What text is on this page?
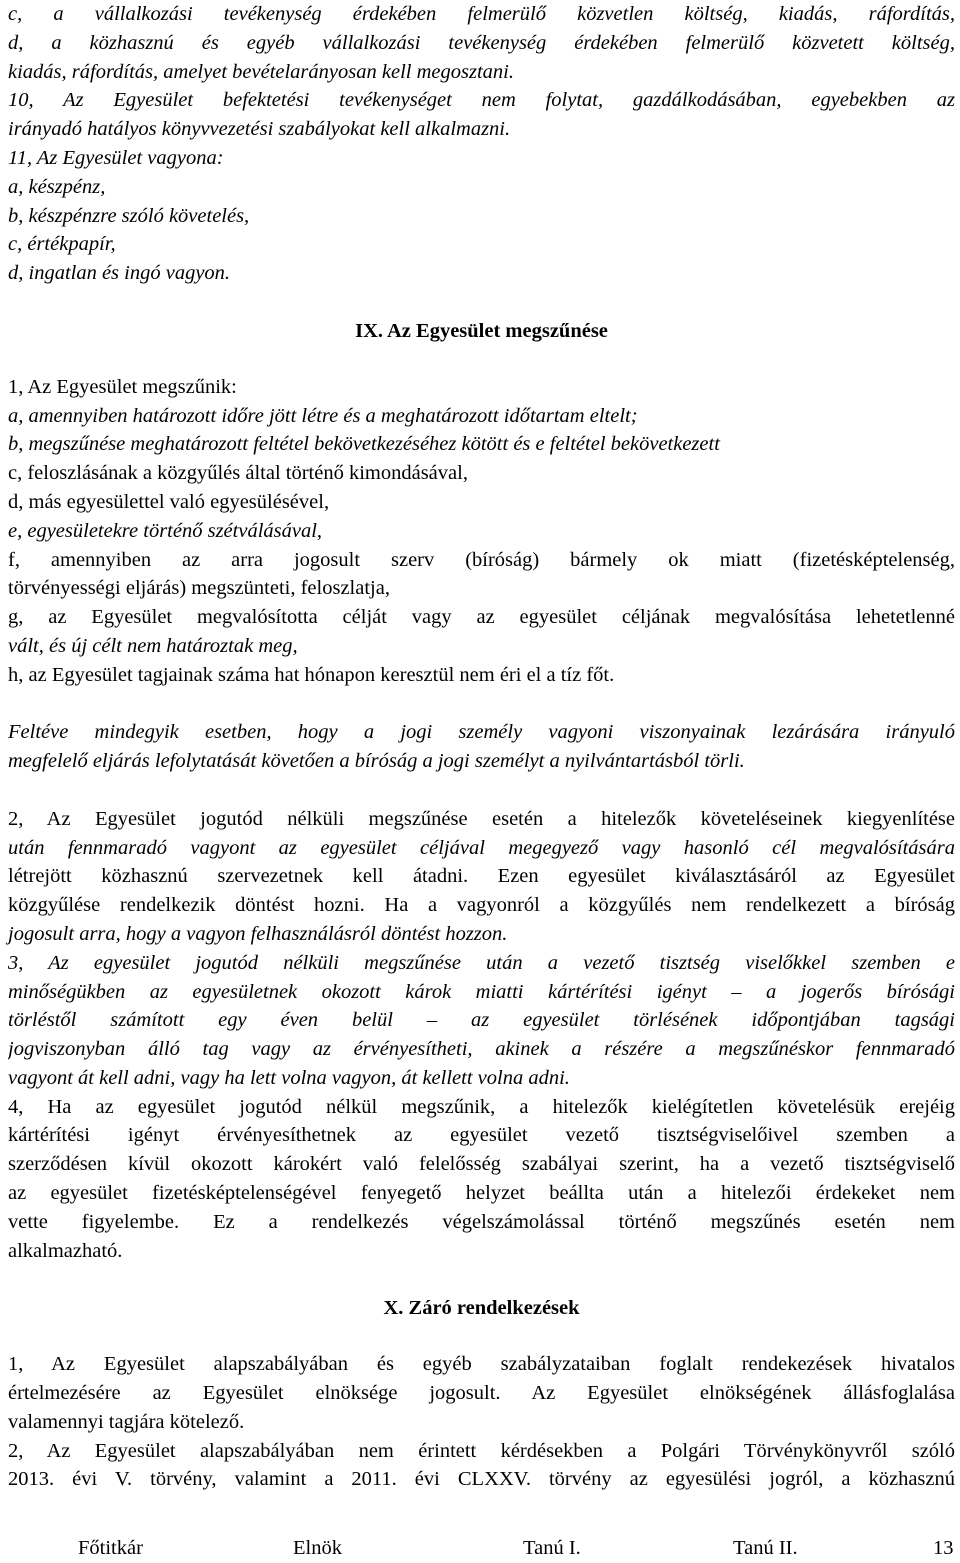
c, a vállalkozási tevékenység érdekében felmerülő közvetlen költség, kiadás, ráfordítás,
d, a közhasznú és egyéb vállalkozási tevékenység érdekében felmerülő közvetett költség,
kiadás, ráfordítás, amelyet bevételarányosan kell megosztani.
10, Az Egyesület befektetési tevékenységet nem folytat, gazdálkodásában, egyebekben az
irányadó hatályos könyvvezetési szabályokat kell alkalmazni.
11, Az Egyesület vagyona:
a, készpénz,
b, készpénzre szóló követelés,
c, értékpapír,
d, ingatlan és ingó vagyon.
IX. Az Egyesület megszűnése
1, Az Egyesület megszűnik:
a, amennyiben határozott időre jött létre és a meghatározott időtartam eltelt;
b, megszűnése meghatározott feltétel bekövetkezéséhez kötött és e feltétel bekövetkezett
c, feloszlásának a közgyűlés által történő kimondásával,
d, más egyesülettel való egyesülésével,
e, egyesületekre történő szétválásával,
f, amennyiben az arra jogosult szerv (bíróság) bármely ok miatt (fizetésképtelenség,
törvényességi eljárás) megszünteti, feloszlatja,
g, az Egyesület megvalósította célját vagy az egyesület céljának megvalósítása lehetetlenné
vált, és új célt nem határoztak meg,
h, az Egyesület tagjainak száma hat hónapon keresztül nem éri el a tíz főt.
Feltéve mindegyik esetben, hogy a jogi személy vagyoni viszonyainak lezárására irányuló
megfelelő eljárás lefolytatását követően a bíróság a jogi személyt a nyilvántartásból törli.
2, Az Egyesület jogutód nélküli megszűnése esetén a hitelezők követeléseinek kiegyenlítése
után fennmaradó vagyont az egyesület céljával megegyező vagy hasonló cél megvalósítására
létrejött közhasznú szervezetnek kell átadni. Ezen egyesület kiválasztásáról az Egyesület
közgyűlése rendelkezik döntést hozni. Ha a vagyonról a közgyűlés nem rendelkezett a bíróság
jogosult arra, hogy a vagyon felhasználásról döntést hozzon.
3, Az egyesület jogutód nélküli megszűnése után a vezető tisztség viselőkkel szemben e
minőségükben az egyesületnek okozott károk miatti kártérítési igényt – a jogerős bírósági
törléstől számított egy éven belül – az egyesület törlésének időpontjában tagsági
jogviszonyban álló tag vagy az érvényesítheti, akinek a részére a megszűnéskor fennmaradó
vagyont át kell adni, vagy ha lett volna vagyon, át kellett volna adni.
4, Ha az egyesület jogutód nélkül megszűnik, a hitelezők kielégítetlen követelésük erejéig
kártérítési igényt érvényesíthetnek az egyesület vezető tisztségviselőivel szemben a
szerződésen kívül okozott károkért való felelősség szabályai szerint, ha a vezető tisztségviselő
az egyesület fizetésképtelenségével fenyegető helyzet beállta után a hitelezői érdekeket nem
vette figyelembe. Ez a rendelkezés végelszámolással történő megszűnés esetén nem
alkalmazható.
X. Záró rendelkezések
1, Az Egyesület alapszabályában és egyéb szabályzataiban foglalt rendekezések hivatalos
értelmezésére az Egyesület elnöksége jogosult. Az Egyesület elnökségének állásfoglalása
valamennyi tagjára kötelező.
2, Az Egyesület alapszabályában nem érintett kérdésekben a Polgári Törvénykönyvről szóló
2013. évi V. törvény, valamint a 2011. évi CLXXV. törvény az egyesülési jogról, a közhasznú
Főtitkár	Elnök	Tanú I.	Tanú II.	13
